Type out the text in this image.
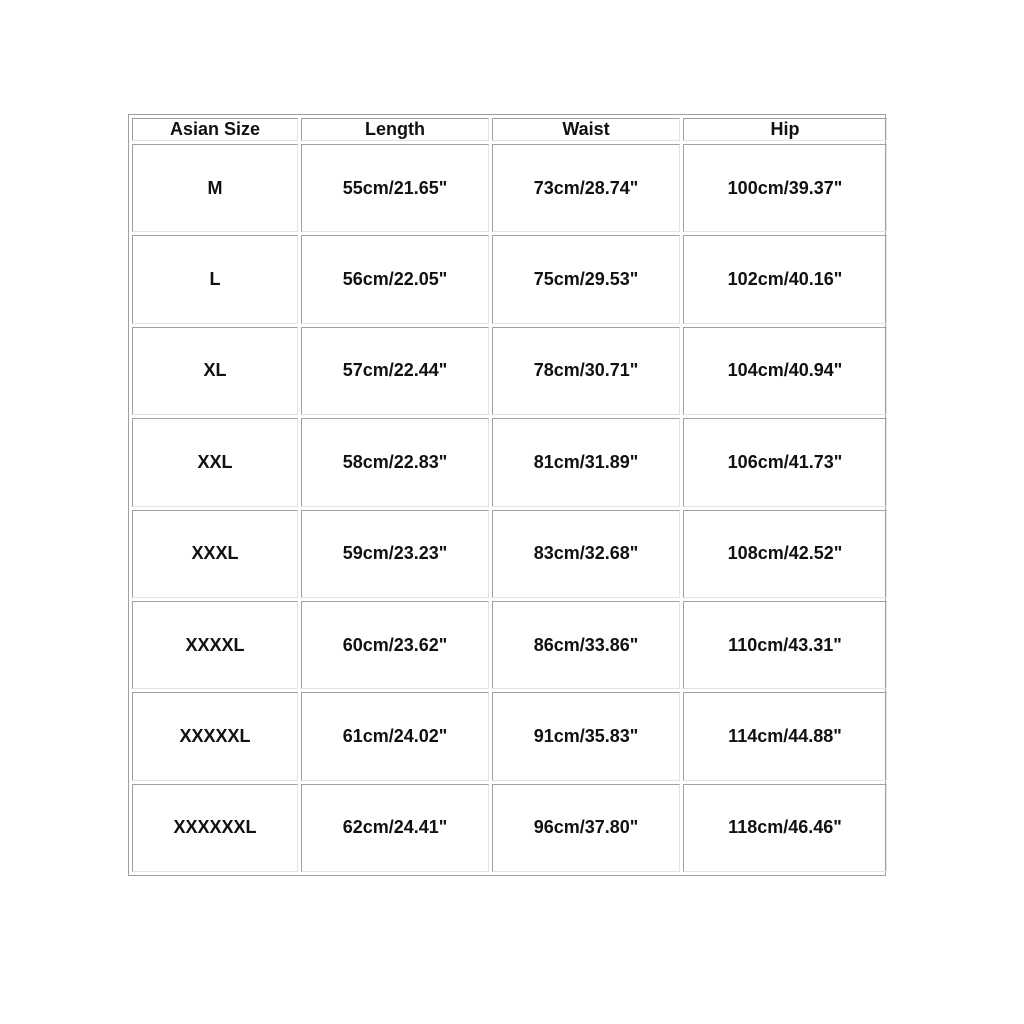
Asian Size	Length	Waist	Hip
M	55cm/21.65"	73cm/28.74"	100cm/39.37"
L	56cm/22.05"	75cm/29.53"	102cm/40.16"
XL	57cm/22.44"	78cm/30.71"	104cm/40.94"
XXL	58cm/22.83"	81cm/31.89"	106cm/41.73"
XXXL	59cm/23.23"	83cm/32.68"	108cm/42.52"
XXXXL	60cm/23.62"	86cm/33.86"	110cm/43.31"
XXXXXL	61cm/24.02"	91cm/35.83"	114cm/44.88"
XXXXXXL	62cm/24.41"	96cm/37.80"	118cm/46.46"
